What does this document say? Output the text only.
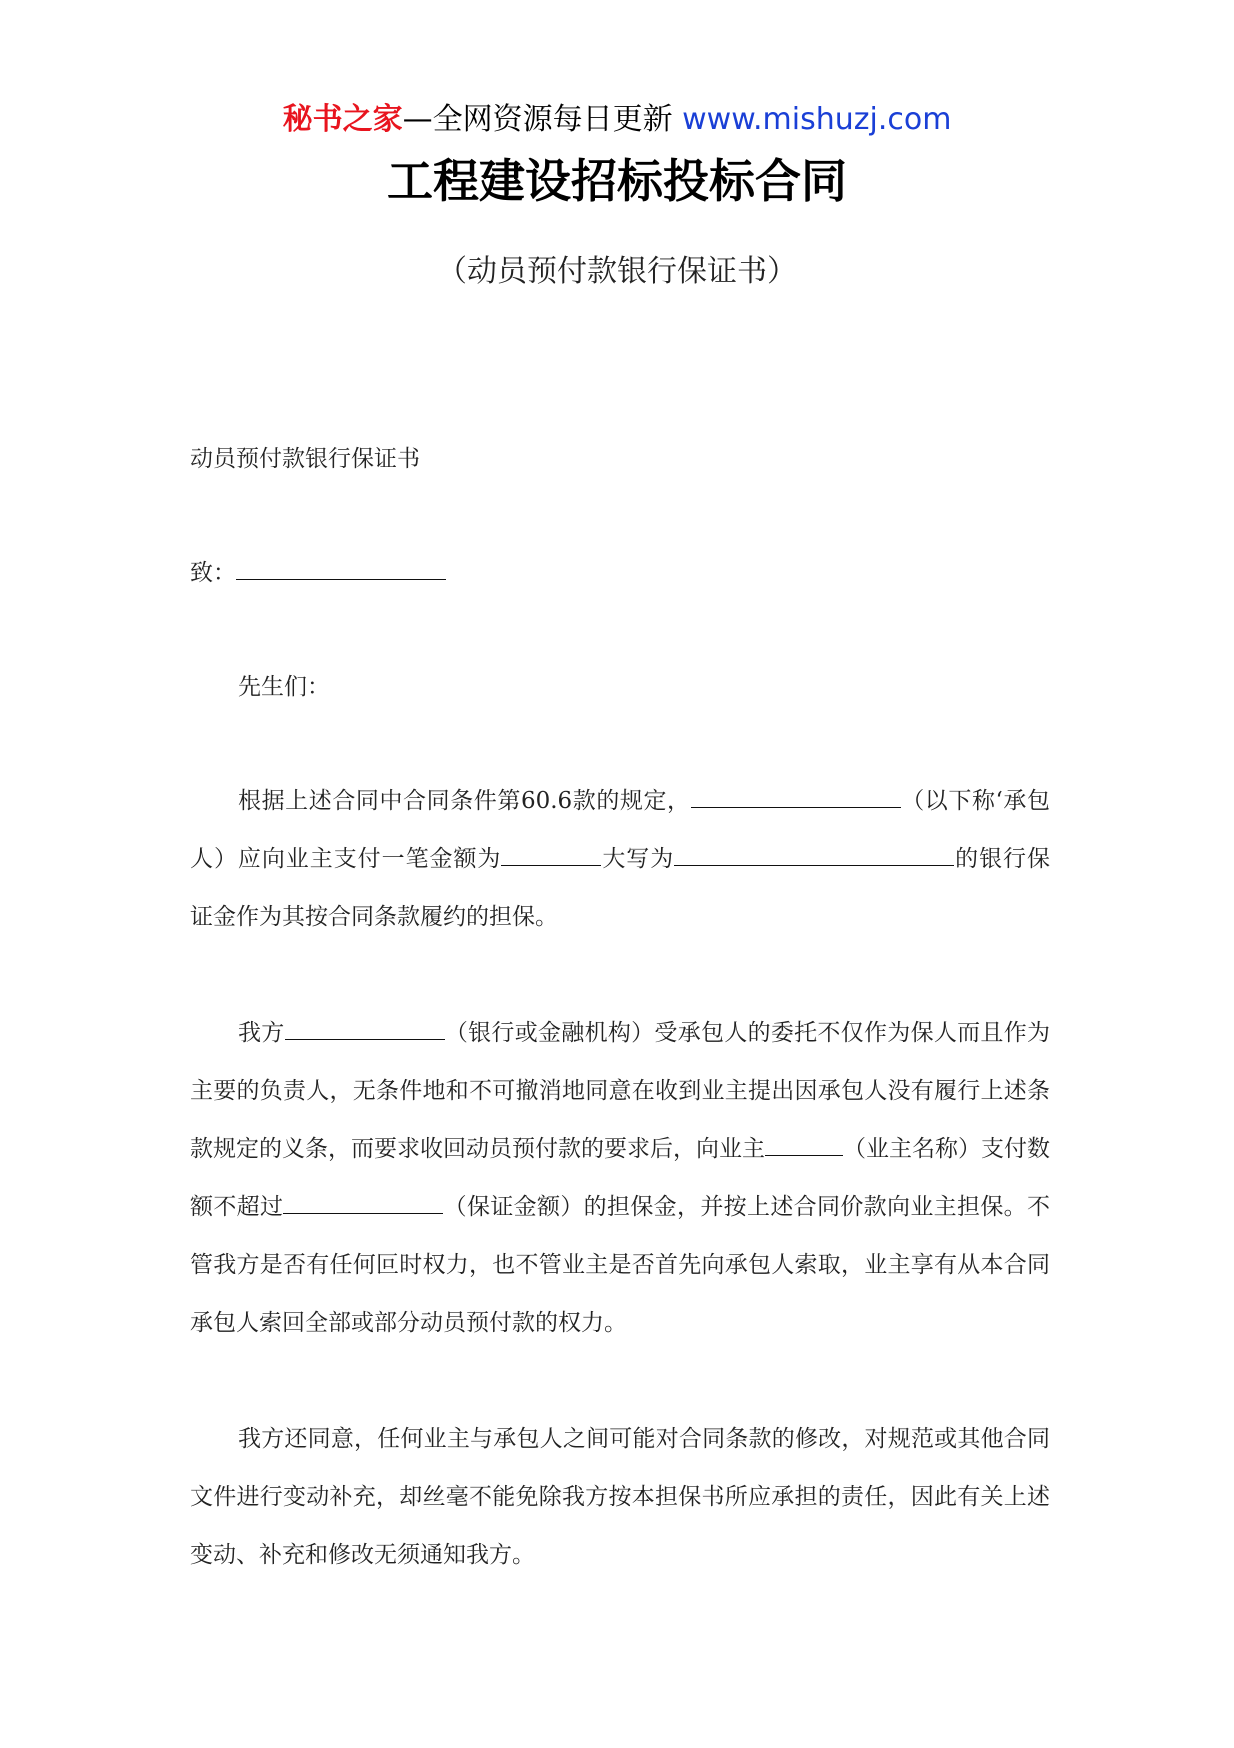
秘书之家—全网资源每日更新 www.mishuzj.com
工程建设招标投标合同
（动员预付款银行保证书）

动员预付款银行保证书

致：

先生们：

根据上述合同中合同条件第60.6款的规定，	（以下称‘承包人）应向业主支付一笔金额为	大写为	的银行保证金作为其按合同条款履约的担保。

我方	（银行或金融机构）受承包人的委托不仅作为保人而且作为主要的负责人，无条件地和不可撤消地同意在收到业主提出因承包人没有履行上述条款规定的义条，而要求收回动员预付款的要求后，向业主	（业主名称）支付数额不超过	（保证金额）的担保金，并按上述合同价款向业主担保。不管我方是否有任何叵时权力，也不管业主是否首先向承包人索取，业主享有从本合同承包人索回全部或部分动员预付款的权力。

我方还同意，任何业主与承包人之间可能对合同条款的修改，对规范或其他合同文件进行变动补充，却丝毫不能免除我方按本担保书所应承担的责任，因此有关上述变动、补充和修改无须通知我方。
